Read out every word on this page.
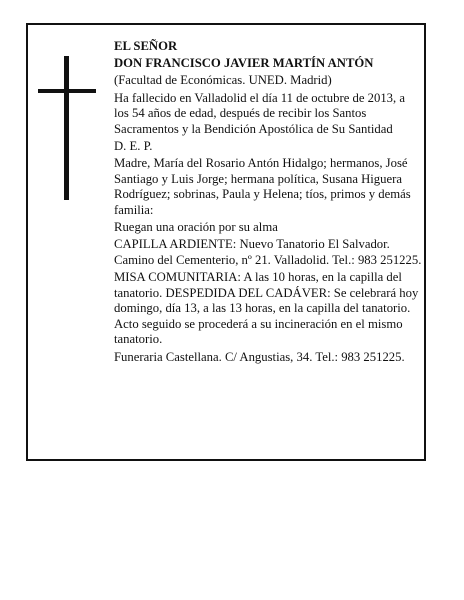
EL SEÑOR

DON FRANCISCO JAVIER MARTÍN ANTÓN

(Facultad de Económicas. UNED. Madrid)

Ha fallecido en Valladolid el día 11 de octubre de 2013, a los 54 años de edad, después de recibir los Santos Sacramentos y la Bendición Apostólica de Su Santidad

D. E. P.

Madre, María del Rosario Antón Hidalgo; hermanos, José Santiago y Luis Jorge; hermana política, Susana Higuera Rodríguez; sobrinas, Paula y Helena; tíos, primos y demás familia:

Ruegan una oración por su alma

CAPILLA ARDIENTE: Nuevo Tanatorio El Salvador. Camino del Cementerio, nº 21. Valladolid. Tel.: 983 251225.

MISA COMUNITARIA: A las 10 horas, en la capilla del tanatorio. DESPEDIDA DEL CADÁVER: Se celebrará hoy domingo, día 13, a las 13 horas, en la capilla del tanatorio. Acto seguido se procederá a su incineración en el mismo tanatorio.

Funeraria Castellana. C/ Angustias, 34. Tel.: 983 251225.
